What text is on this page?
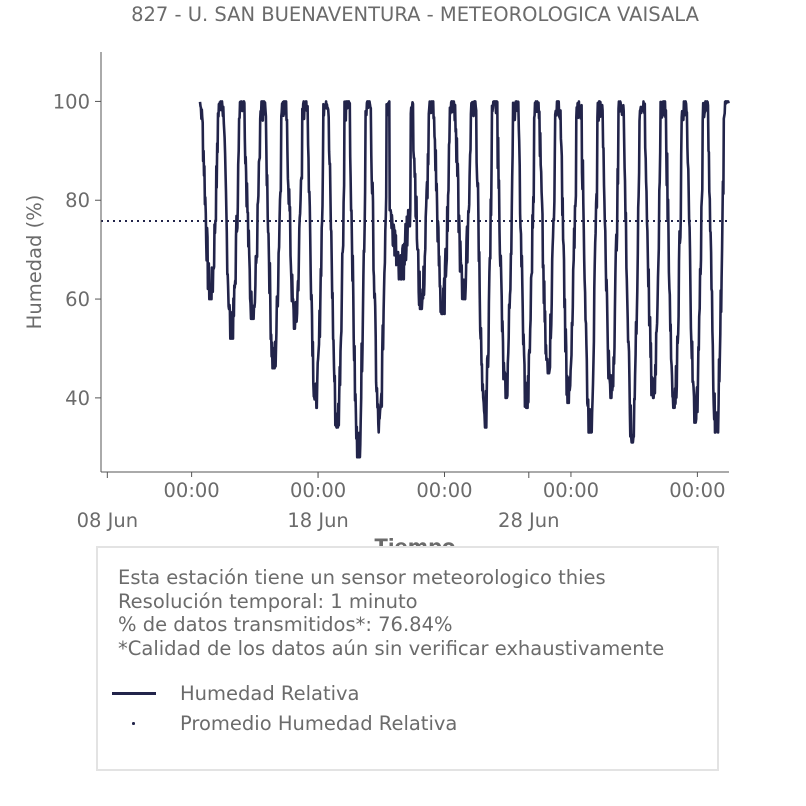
827 - U. SAN BUENAVENTURA - METEOROLOGICA VAISALA
40
60
80
100
00:00	00:00	00:00	00:00	00:00
08 Jun	18 Jun	28 Jun
Humedad (%)
Esta estación tiene un sensor meteorologico thies
Resolución temporal: 1 minuto
% de datos transmitidos*: 76.84%
*Calidad de los datos aún sin verificar exhaustivamente
Humedad Relativa
Promedio Humedad Relativa
